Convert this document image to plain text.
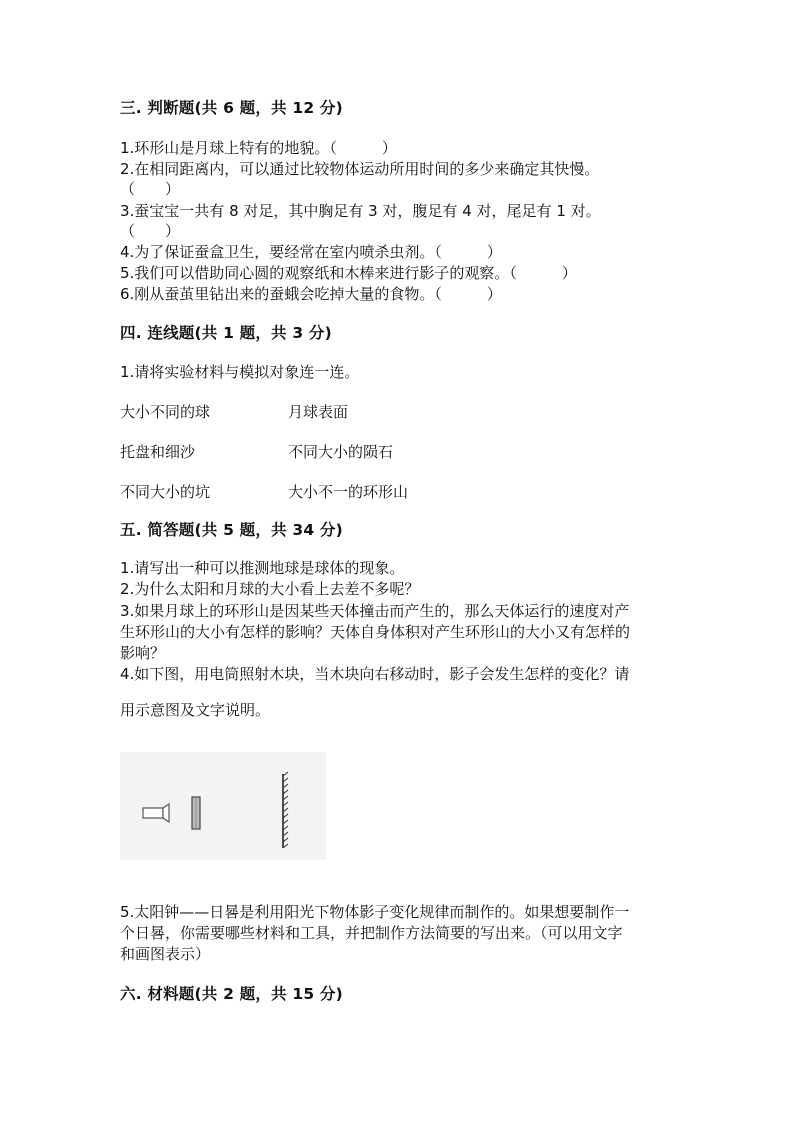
三. 判断题(共 6 题，共 12 分)
1.环形山是月球上特有的地貌。（　　　）
2.在相同距离内，可以通过比较物体运动所用时间的多少来确定其快慢。
（　　）
3.蚕宝宝一共有 8 对足，其中胸足有 3 对，腹足有 4 对，尾足有 1 对。
（　　）
4.为了保证蚕盒卫生，要经常在室内喷杀虫剂。（　　　）
5.我们可以借助同心圆的观察纸和木棒来进行影子的观察。（　　　）
6.刚从蚕茧里钻出来的蚕蛾会吃掉大量的食物。（　　　）
四. 连线题(共 1 题，共 3 分)
1.请将实验材料与模拟对象连一连。
大小不同的球	月球表面
托盘和细沙	不同大小的陨石
不同大小的坑	大小不一的环形山
五. 简答题(共 5 题，共 34 分)
1.请写出一种可以推测地球是球体的现象。
2.为什么太阳和月球的大小看上去差不多呢？
3.如果月球上的环形山是因某些天体撞击而产生的，那么天体运行的速度对产
生环形山的大小有怎样的影响？天体自身体积对产生环形山的大小又有怎样的
影响？
4.如下图，用电筒照射木块，当木块向右移动时，影子会发生怎样的变化？请
用示意图及文字说明。
5.太阳钟——日晷是利用阳光下物体影子变化规律而制作的。如果想要制作一
个日晷，你需要哪些材料和工具，并把制作方法简要的写出来。（可以用文字
和画图表示）
六. 材料题(共 2 题，共 15 分)
